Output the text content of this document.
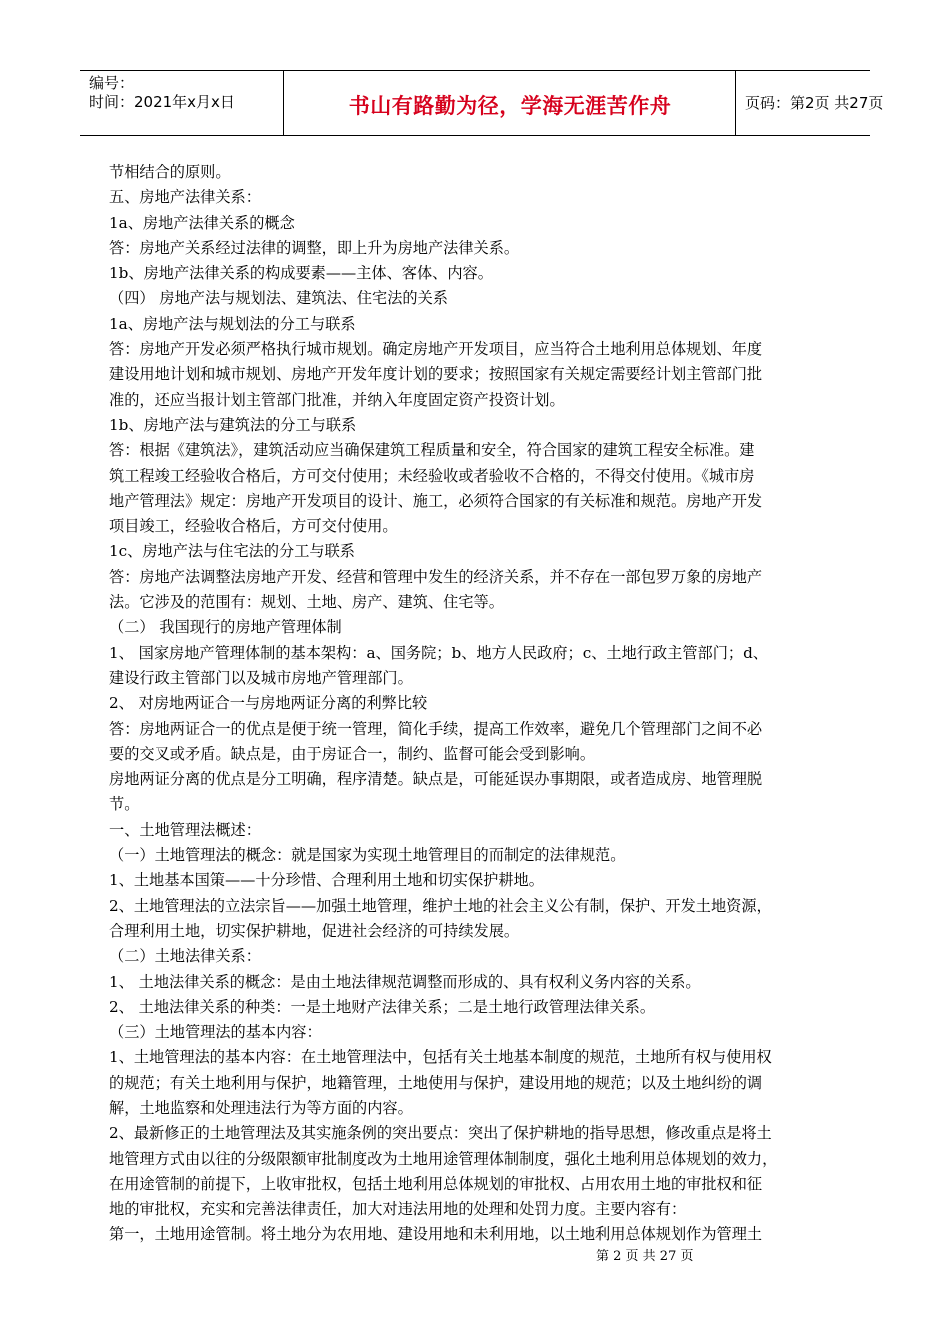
编号：
时间：2021年x月x日	书山有路勤为径，学海无涯苦作舟	页码：第2页 共27页
节相结合的原则。
五、房地产法律关系：
1a、房地产法律关系的概念
答：房地产关系经过法律的调整，即上升为房地产法律关系。
1b、房地产法律关系的构成要素——主体、客体、内容。
（四） 房地产法与规划法、建筑法、住宅法的关系
1a、房地产法与规划法的分工与联系
答：房地产开发必须严格执行城市规划。确定房地产开发项目，应当符合土地利用总体规划、年度
建设用地计划和城市规划、房地产开发年度计划的要求；按照国家有关规定需要经计划主管部门批
准的，还应当报计划主管部门批准，并纳入年度固定资产投资计划。
1b、房地产法与建筑法的分工与联系
答：根据《建筑法》，建筑活动应当确保建筑工程质量和安全，符合国家的建筑工程安全标准。建
筑工程竣工经验收合格后，方可交付使用；未经验收或者验收不合格的，不得交付使用。《城市房
地产管理法》规定：房地产开发项目的设计、施工，必须符合国家的有关标准和规范。房地产开发
项目竣工，经验收合格后，方可交付使用。
1c、房地产法与住宅法的分工与联系
答：房地产法调整法房地产开发、经营和管理中发生的经济关系，并不存在一部包罗万象的房地产
法。它涉及的范围有：规划、土地、房产、建筑、住宅等。
（二） 我国现行的房地产管理体制
1、 国家房地产管理体制的基本架构：a、国务院；b、地方人民政府；c、土地行政主管部门；d、
建设行政主管部门以及城市房地产管理部门。
2、 对房地两证合一与房地两证分离的利弊比较
答：房地两证合一的优点是便于统一管理，简化手续，提高工作效率，避免几个管理部门之间不必
要的交叉或矛盾。缺点是，由于房证合一，制约、监督可能会受到影响。
房地两证分离的优点是分工明确，程序清楚。缺点是，可能延误办事期限，或者造成房、地管理脱
节。
一、土地管理法概述：
（一）土地管理法的概念：就是国家为实现土地管理目的而制定的法律规范。
1、土地基本国策——十分珍惜、合理利用土地和切实保护耕地。
2、土地管理法的立法宗旨——加强土地管理，维护土地的社会主义公有制，保护、开发土地资源，
合理利用土地，切实保护耕地，促进社会经济的可持续发展。
（二）土地法律关系：
1、 土地法律关系的概念：是由土地法律规范调整而形成的、具有权利义务内容的关系。
2、 土地法律关系的种类：一是土地财产法律关系；二是土地行政管理法律关系。
（三）土地管理法的基本内容：
1、土地管理法的基本内容：在土地管理法中，包括有关土地基本制度的规范，土地所有权与使用权
的规范；有关土地利用与保护，地籍管理，土地使用与保护，建设用地的规范；以及土地纠纷的调
解，土地监察和处理违法行为等方面的内容。
2、最新修正的土地管理法及其实施条例的突出要点：突出了保护耕地的指导思想，修改重点是将土
地管理方式由以往的分级限额审批制度改为土地用途管理体制制度，强化土地利用总体规划的效力，
在用途管制的前提下，上收审批权，包括土地利用总体规划的审批权、占用农用土地的审批权和征
地的审批权，充实和完善法律责任，加大对违法用地的处理和处罚力度。主要内容有：
第一，土地用途管制。将土地分为农用地、建设用地和未利用地，以土地利用总体规划作为管理土
第 2 页 共 27 页
